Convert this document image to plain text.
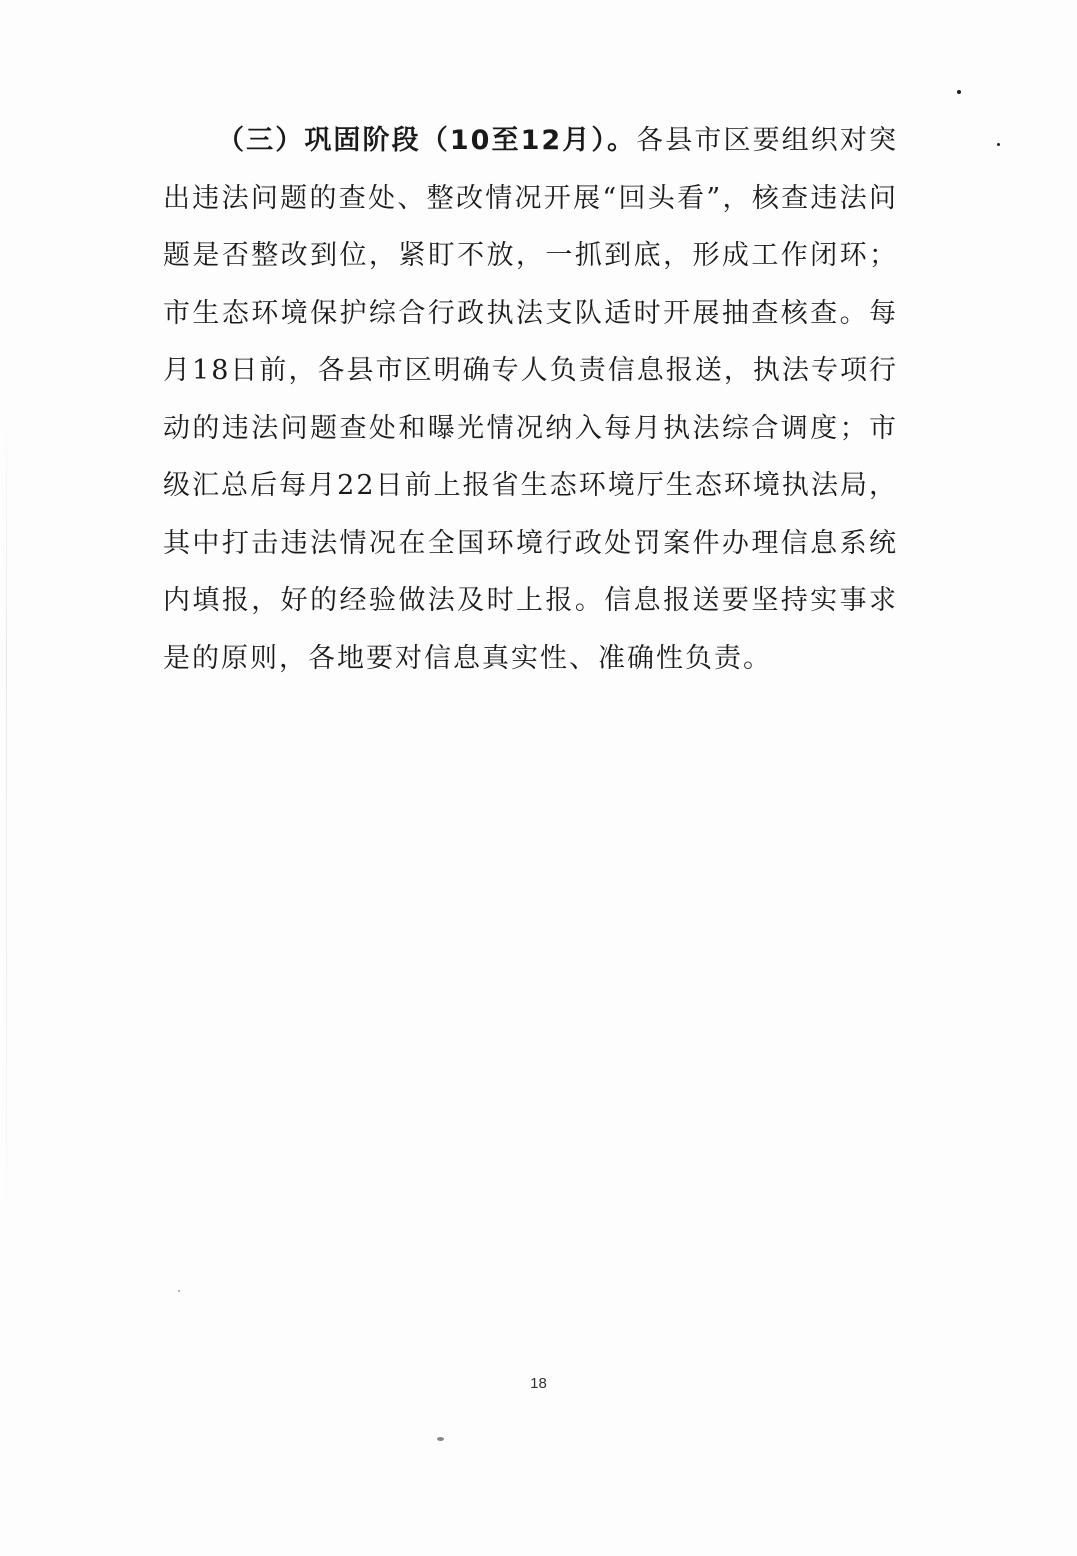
（三）巩固阶段（10至12月）。各县市区要组织对突出违法问题的查处、整改情况开展“回头看”，核查违法问题是否整改到位，紧盯不放，一抓到底，形成工作闭环；市生态环境保护综合行政执法支队适时开展抽查核查。每月18日前，各县市区明确专人负责信息报送，执法专项行动的违法问题查处和曝光情况纳入每月执法综合调度；市级汇总后每月22日前上报省生态环境厅生态环境执法局，其中打击违法情况在全国环境行政处罚案件办理信息系统内填报，好的经验做法及时上报。信息报送要坚持实事求是的原则，各地要对信息真实性、准确性负责。

18
